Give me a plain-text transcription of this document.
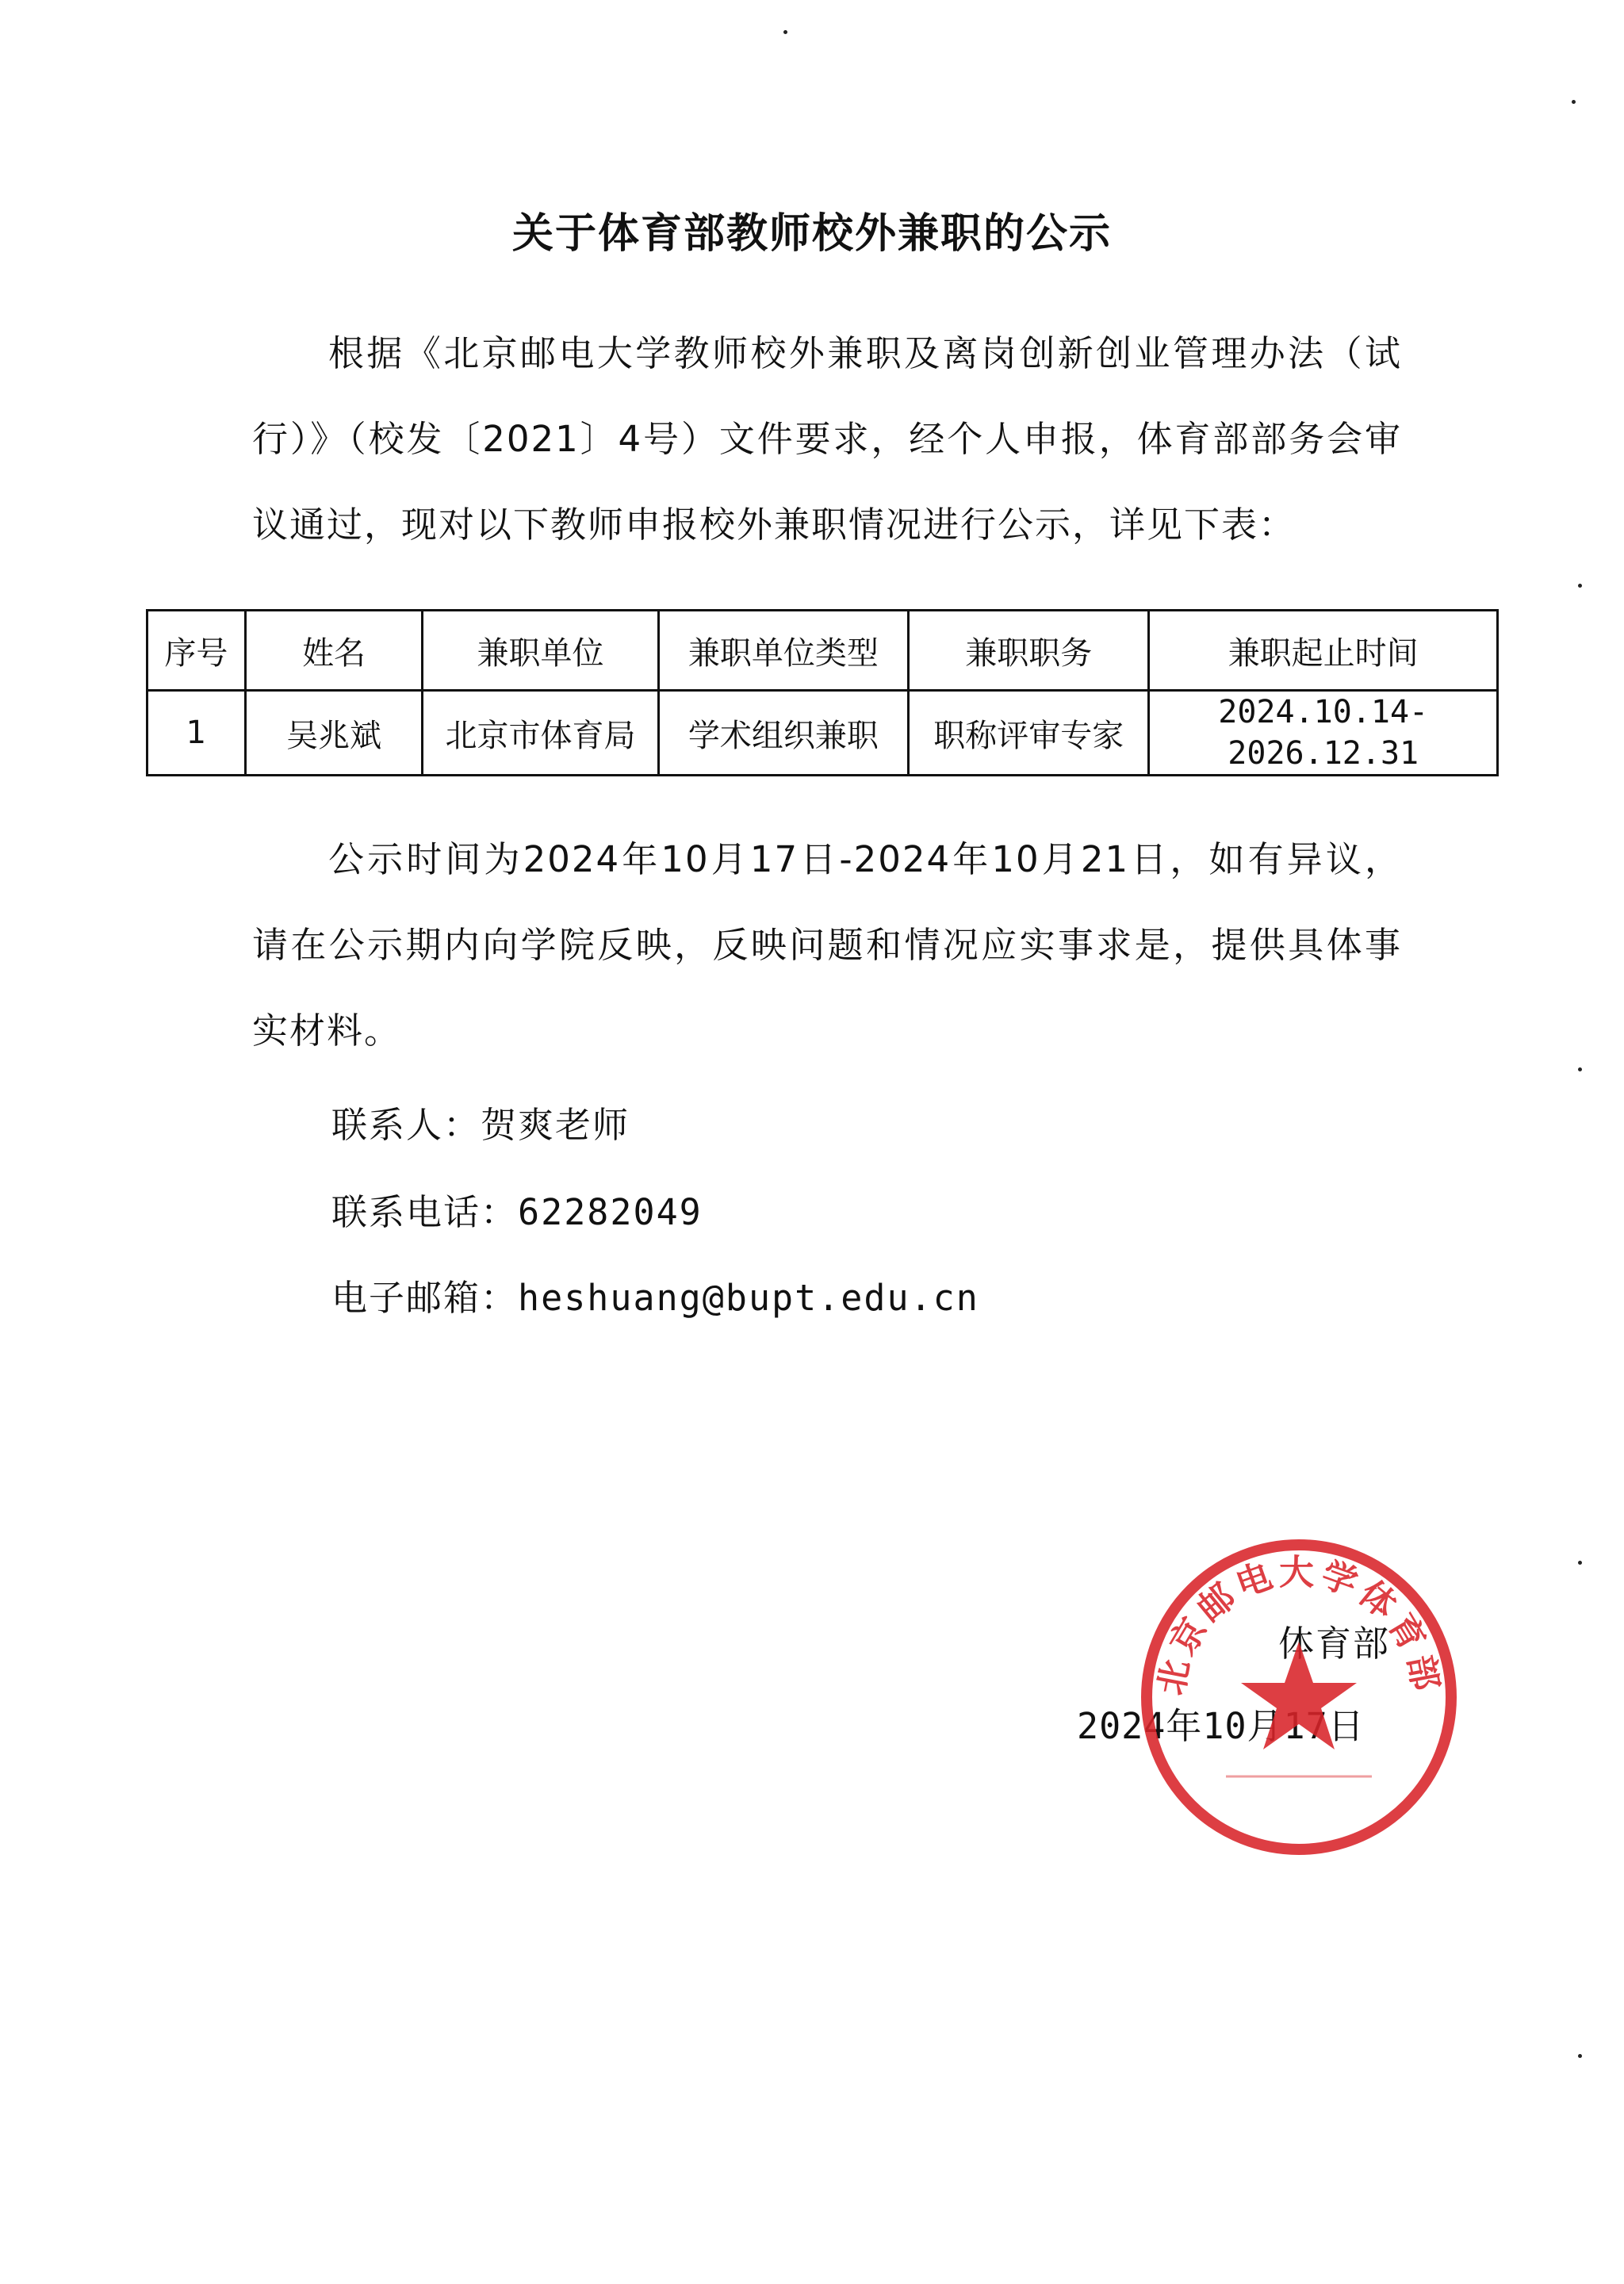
关于体育部教师校外兼职的公示
根据《北京邮电大学教师校外兼职及离岗创新创业管理办法（试行）》（校发〔2021〕4号）文件要求，经个人申报，体育部部务会审议通过，现对以下教师申报校外兼职情况进行公示，详见下表：
序号	姓名	兼职单位	兼职单位类型	兼职职务	兼职起止时间
1	吴兆斌	北京市体育局	学术组织兼职	职称评审专家	2024.10.14-
2026.12.31
公示时间为2024年10月17日-2024年10月21日，如有异议，请在公示期内向学院反映，反映问题和情况应实事求是，提供具体事实材料。
联系人：贺爽老师
联系电话：62282049
电子邮箱：heshuang@bupt.edu.cn
体育部
2024年10月17日
北京邮电大学体育部
